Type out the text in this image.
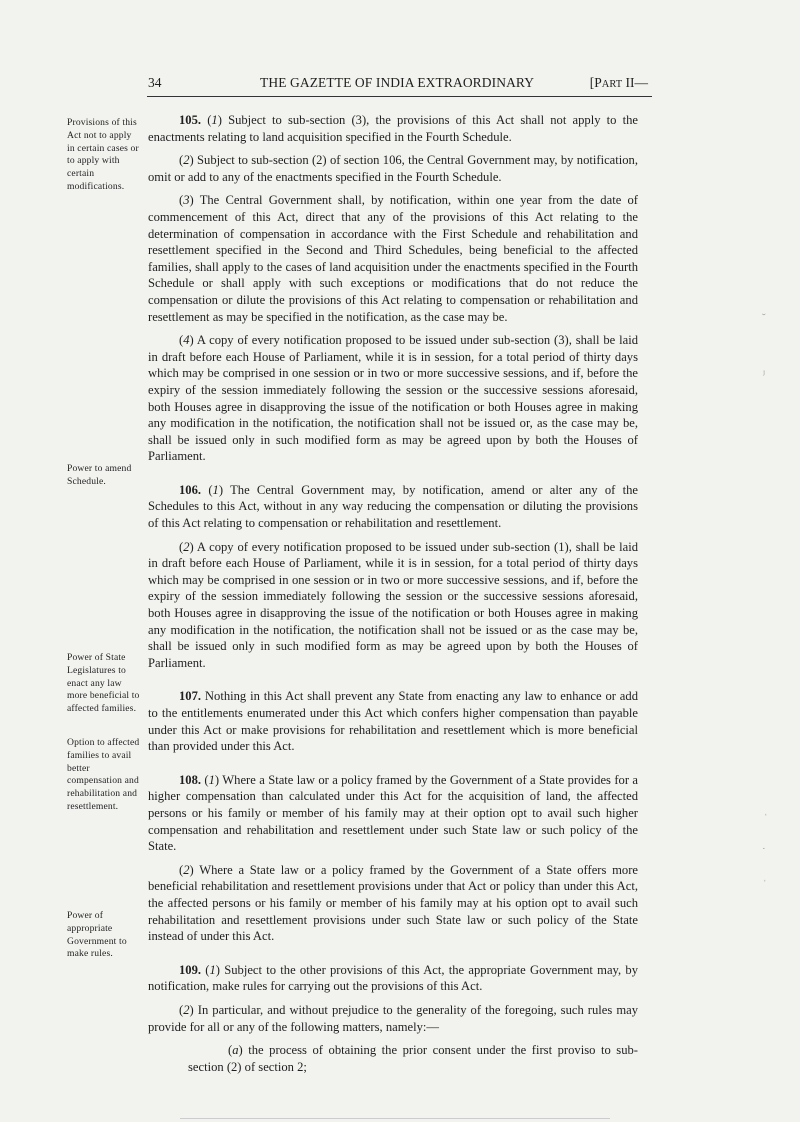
34	THE GAZETTE OF INDIA EXTRAORDINARY	[PART II—
Provisions of this Act not to apply in certain cases or to apply with certain modifications.
Power to amend Schedule.
Power of State Legislatures to enact any law more beneficial to affected families.
Option to affected families to avail better compensation and rehabilitation and resettlement.
Power of appropriate Government to make rules.

105. (1) Subject to sub-section (3), the provisions of this Act shall not apply to the enactments relating to land acquisition specified in the Fourth Schedule.

(2) Subject to sub-section (2) of section 106, the Central Government may, by notification, omit or add to any of the enactments specified in the Fourth Schedule.

(3) The Central Government shall, by notification, within one year from the date of commencement of this Act, direct that any of the provisions of this Act relating to the determination of compensation in accordance with the First Schedule and rehabilitation and resettlement specified in the Second and Third Schedules, being beneficial to the affected families, shall apply to the cases of land acquisition under the enactments specified in the Fourth Schedule or shall apply with such exceptions or modifications that do not reduce the compensation or dilute the provisions of this Act relating to compensation or rehabilitation and resettlement as may be specified in the notification, as the case may be.

(4) A copy of every notification proposed to be issued under sub-section (3), shall be laid in draft before each House of Parliament, while it is in session, for a total period of thirty days which may be comprised in one session or in two or more successive sessions, and if, before the expiry of the session immediately following the session or the successive sessions aforesaid, both Houses agree in disapproving the issue of the notification or both Houses agree in making any modification in the notification, the notification shall not be issued or, as the case may be, shall be issued only in such modified form as may be agreed upon by both the Houses of Parliament.

106. (1) The Central Government may, by notification, amend or alter any of the Schedules to this Act, without in any way reducing the compensation or diluting the provisions of this Act relating to compensation or rehabilitation and resettlement.

(2) A copy of every notification proposed to be issued under sub-section (1), shall be laid in draft before each House of Parliament, while it is in session, for a total period of thirty days which may be comprised in one session or in two or more successive sessions, and if, before the expiry of the session immediately following the session or the successive sessions aforesaid, both Houses agree in disapproving the issue of the notification or both Houses agree in making any modification in the notification, the notification shall not be issued or as the case may be, shall be issued only in such modified form as may be agreed upon by both the Houses of Parliament.

107. Nothing in this Act shall prevent any State from enacting any law to enhance or add to the entitlements enumerated under this Act which confers higher compensation than payable under this Act or make provisions for rehabilitation and resettlement which is more beneficial than provided under this Act.

108. (1) Where a State law or a policy framed by the Government of a State provides for a higher compensation than calculated under this Act for the acquisition of land, the affected persons or his family or member of his family may at their option opt to avail such higher compensation and rehabilitation and resettlement under such State law or such policy of the State.

(2) Where a State law or a policy framed by the Government of a State offers more beneficial rehabilitation and resettlement provisions under that Act or policy than under this Act, the affected persons or his family or member of his family may at his option opt to avail such rehabilitation and resettlement provisions under such State law or such policy of the State instead of under this Act.

109. (1) Subject to the other provisions of this Act, the appropriate Government may, by notification, make rules for carrying out the provisions of this Act.

(2) In particular, and without prejudice to the generality of the foregoing, such rules may provide for all or any of the following matters, namely:—

(a) the process of obtaining the prior consent under the first proviso to sub-section (2) of section 2;

˘
ʲ
ˈ
˙
ˌ
